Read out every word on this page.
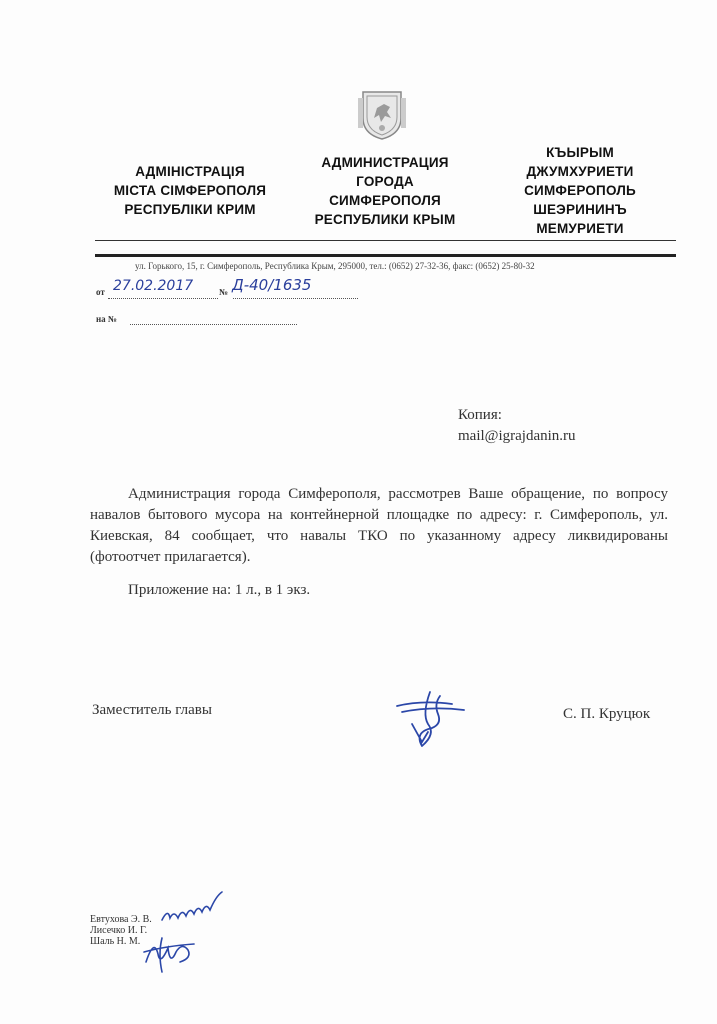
АДМІНІСТРАЦІЯ
МІСТА СІМФЕРОПОЛЯ
РЕСПУБЛІКИ КРИМ
АДМИНИСТРАЦИЯ
ГОРОДА
СИМФЕРОПОЛЯ
РЕСПУБЛИКИ КРЫМ
КЪЫРЫМ
ДЖУМХУРИЕТИ
СИМФЕРОПОЛЬ
ШЕЭРИНИНЪ
МЕМУРИЕТИ
ул. Горького, 15, г. Симферополь, Республика Крым, 295000, тел.: (0652) 27-32-36, факс: (0652) 25-80-32
от 27.02.2017	№ Д-40/1635
на №
Копия:
mail@igrajdanin.ru
Администрация города Симферополя, рассмотрев Ваше обращение, по вопросу навалов бытового мусора на контейнерной площадке по адресу: г. Симферополь, ул. Киевская, 84 сообщает, что навалы ТКО по указанному адресу ликвидированы (фотоотчет прилагается).
Приложение на: 1 л., в 1 экз.
Заместитель главы	С. П. Круцюк
Евтухова Э. В.
Лисечко И. Г.
Шаль Н. М.
